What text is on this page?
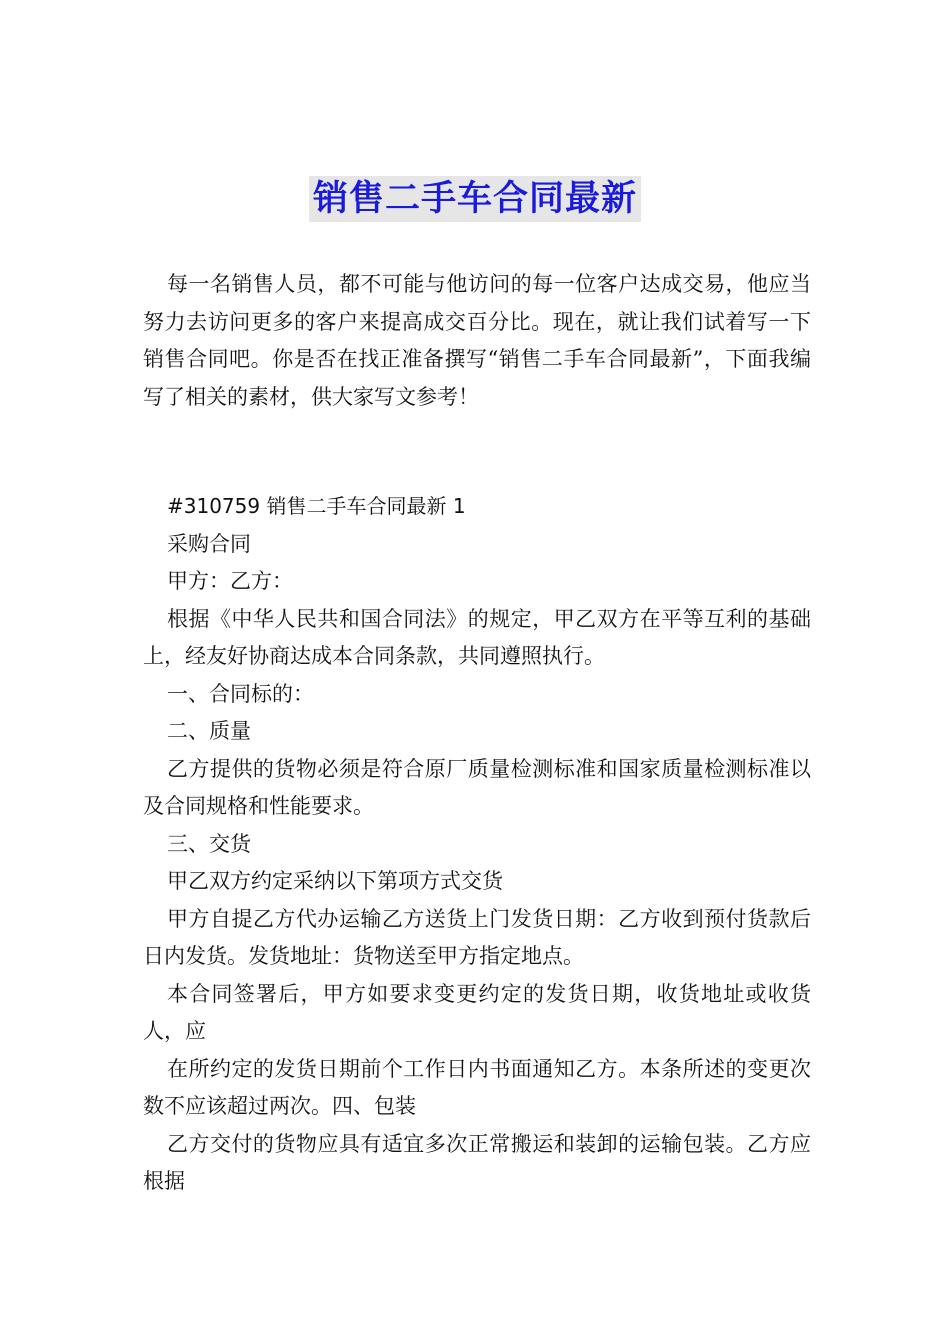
销售二手车合同最新

每一名销售人员，都不可能与他访问的每一位客户达成交易，他应当努力去访问更多的客户来提高成交百分比。现在，就让我们试着写一下销售合同吧。你是否在找正准备撰写“销售二手车合同最新”，下面我编写了相关的素材，供大家写文参考！

#310759 销售二手车合同最新 1

采购合同

甲方：乙方：

根据《中华人民共和国合同法》的规定，甲乙双方在平等互利的基础上，经友好协商达成本合同条款，共同遵照执行。

一、合同标的：

二、质量

乙方提供的货物必须是符合原厂质量检测标准和国家质量检测标准以及合同规格和性能要求。

三、交货

甲乙双方约定采纳以下第项方式交货

甲方自提乙方代办运输乙方送货上门发货日期：乙方收到预付货款后日内发货。发货地址：货物送至甲方指定地点。

本合同签署后，甲方如要求变更约定的发货日期，收货地址或收货人，应

在所约定的发货日期前个工作日内书面通知乙方。本条所述的变更次数不应该超过两次。四、包装

乙方交付的货物应具有适宜多次正常搬运和装卸的运输包装。乙方应根据
